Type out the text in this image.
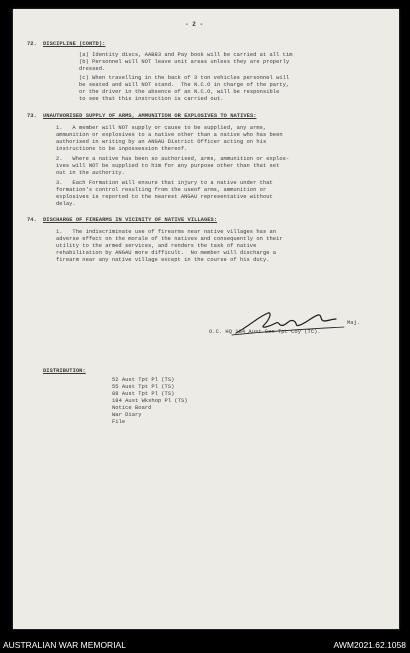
- 2 -
72. DISCIPLINE (CONTD):
(a) Identity discs, AAB83 and Pay book will be carried at all tim
(b) Personnel will NOT leave unit areas unless they are properly
dressed.
(c) When travelling in the back of 3 ton vehicles personnel will
be seated and will NOT stand.  The N.C.O in charge of the party,
or the driver in the absence of an N.C.O, will be responsible
to see that this instruction is carried out.
73. UNAUTHORISED SUPPLY OF ARMS, AMMUNITION OR EXPLOSIVES TO NATIVES:
1.   A member will NOT supply or cause to be supplied, any arms,
ammunition or explosives to a native other than a native who has been
authorised in writing by an ANGAU District Officer acting on his
instructions to be inpossession thereof.
2.   Where a native has been so authorised, arms, ammunition or explos-
ives will NOT be supplied to him for any purpose other than that set
out in the authority.
3.   Each Formation will ensure that injury to a native under that
formation's control resulting from the useof arms, ammunition or
explosives is reported to the nearest ANGAU representative without
delay.
74. DISCHARGE OF FIREARMS IN VICINITY OF NATIVE VILLAGES:
1.   The indiscriminate use of firearms near native villages has an
adverse effect on the morale of the natives and consequently on their
utility to the armed services, and renders the task of native
rehabilitation by ANGAU more difficult.  No member will discharge a
firearm near any native village except in the course of his duty.
Maj.
O.C. HQ 184 Aust Gen Tpt Coy (TC).
DISTRIBUTION:
52 Aust Tpt Pl (TS)
55 Aust Tpt Pl (TS)
88 Aust Tpt Pl (TS)
184 Aust Wkshop Pl (TS)
Notice Board
War Diary
File
AUSTRALIAN WAR MEMORIAL	AWM2021.62.1058
